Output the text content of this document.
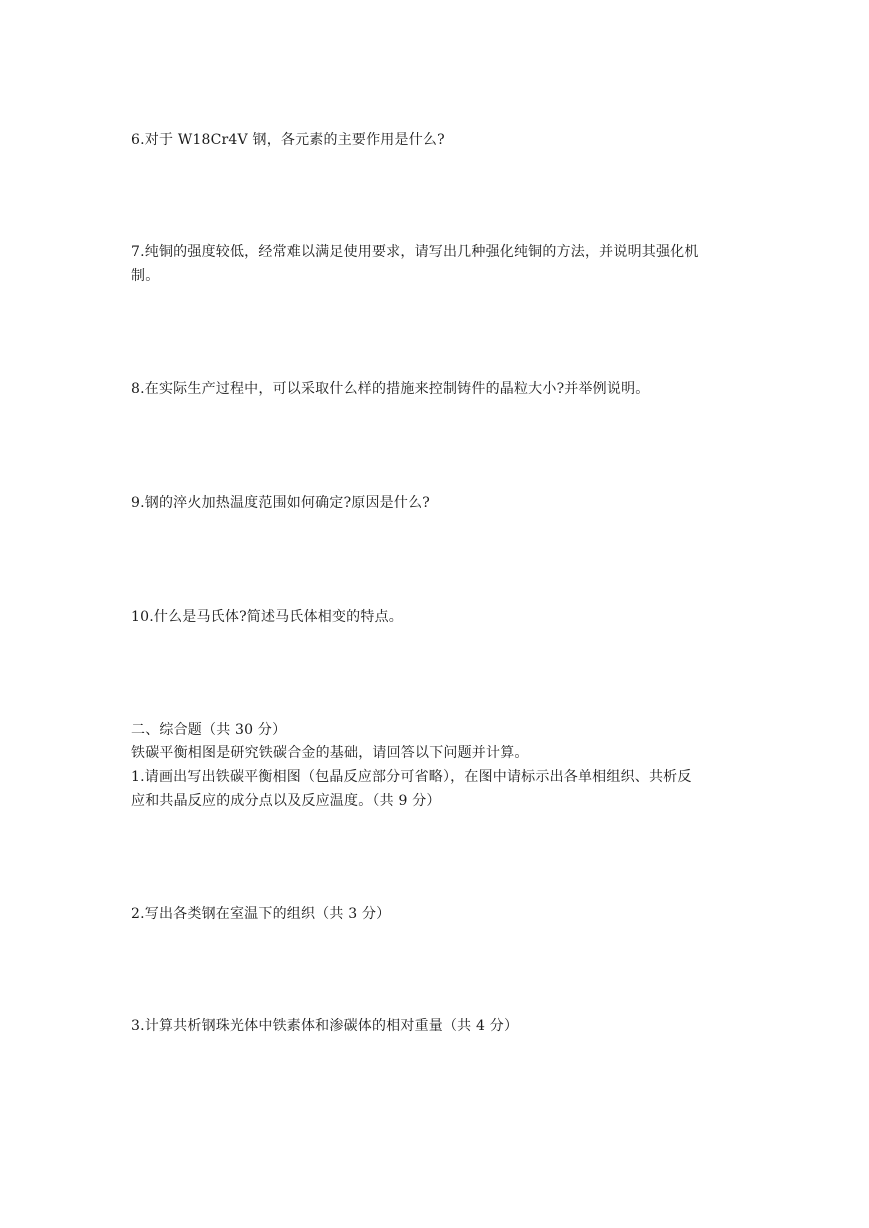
6.对于 W18Cr4V 钢，各元素的主要作用是什么?
7.纯铜的强度较低，经常难以满足使用要求，请写出几种强化纯铜的方法，并说明其强化机
制。
8.在实际生产过程中，可以采取什么样的措施来控制铸件的晶粒大小?并举例说明。
9.钢的淬火加热温度范围如何确定?原因是什么?
10.什么是马氏体?简述马氏体相变的特点。
二、综合题（共 30 分）
铁碳平衡相图是研究铁碳合金的基础，请回答以下问题并计算。
1.请画出写出铁碳平衡相图（包晶反应部分可省略），在图中请标示出各单相组织、共析反
应和共晶反应的成分点以及反应温度。（共 9 分）
2.写出各类钢在室温下的组织（共 3 分）
3.计算共析钢珠光体中铁素体和渗碳体的相对重量（共 4 分）
